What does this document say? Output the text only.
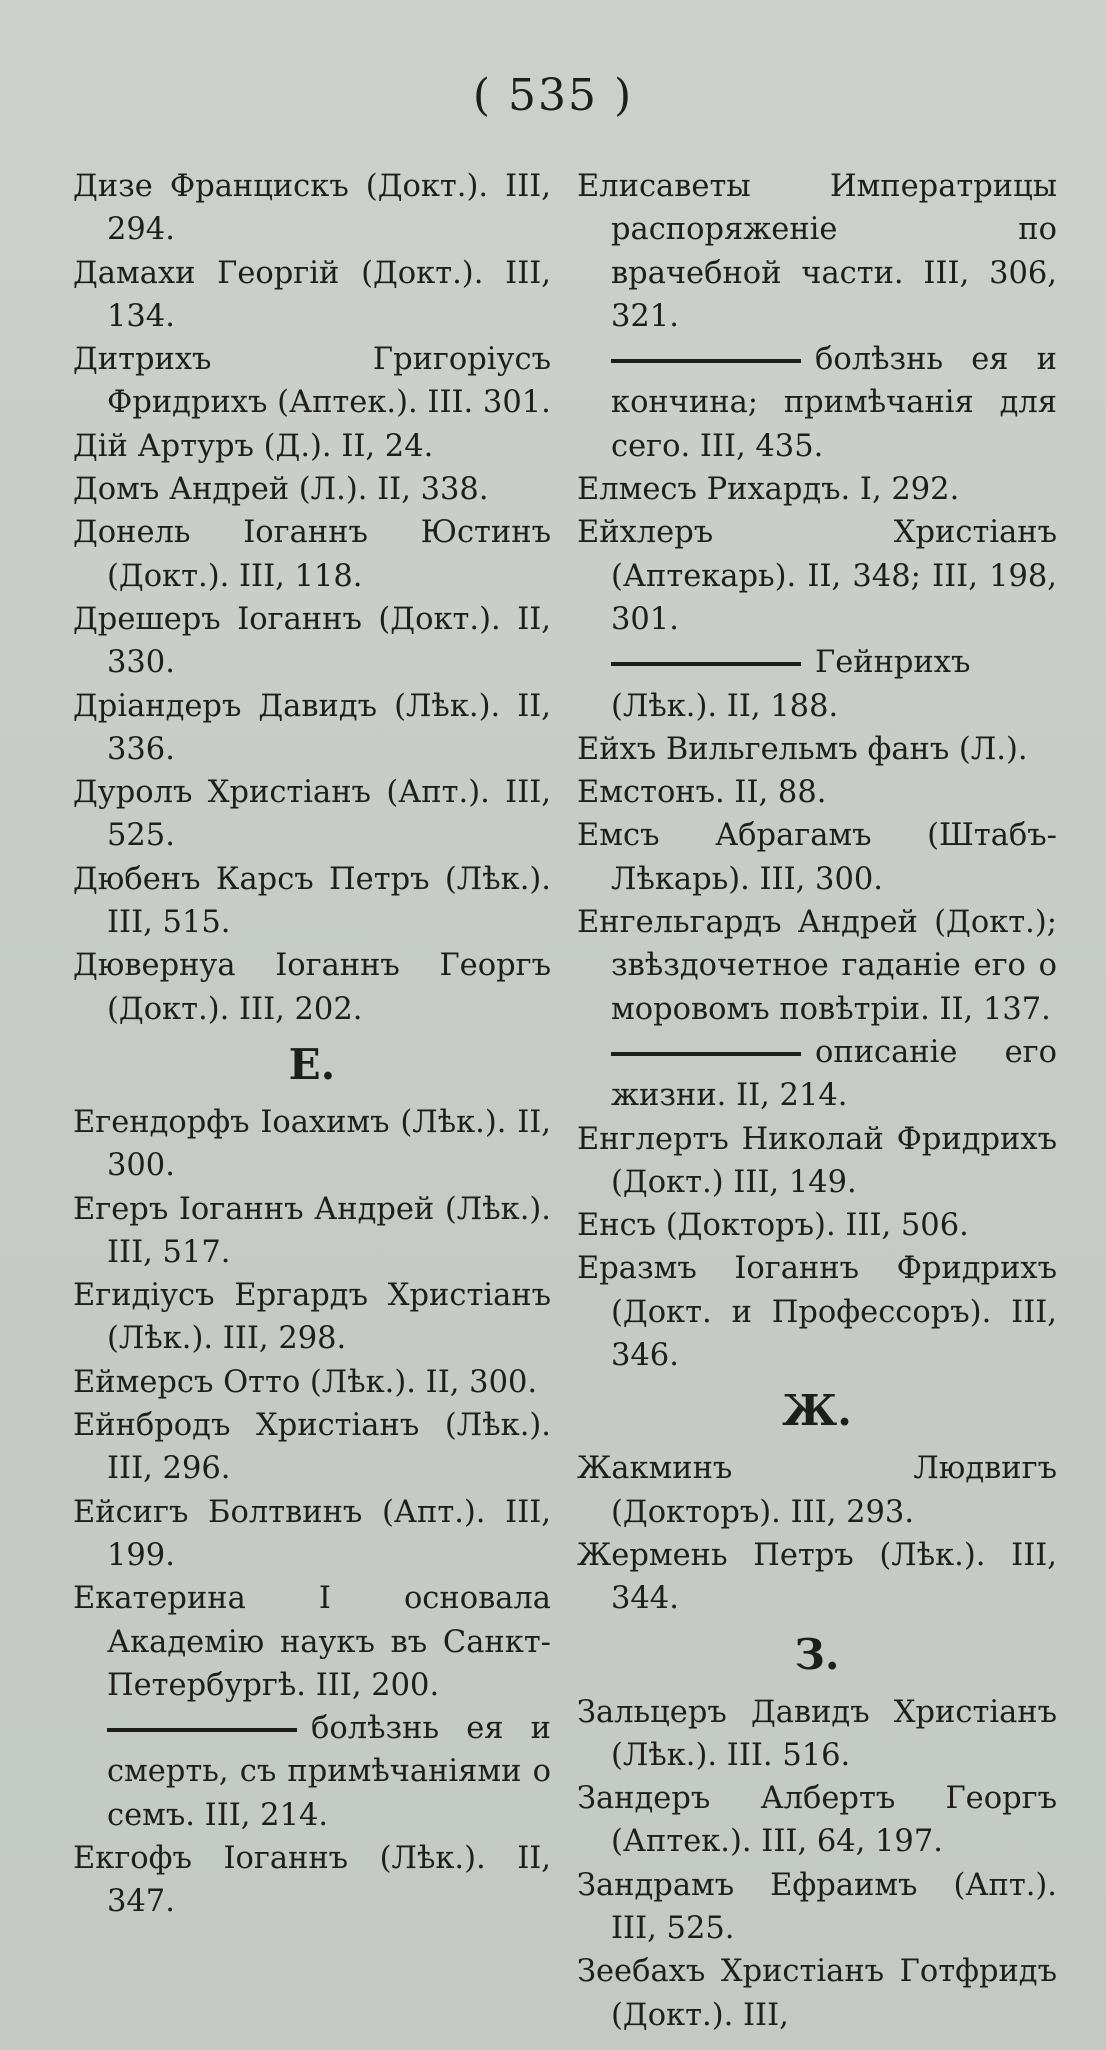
( 535 )

Дизе Францискъ (Докт.). III, 294.

Дамахи Георгій (Докт.). III, 134.

Дитрихъ Григоріусъ Фридрихъ (Аптек.). III. 301.

Дій Артуръ (Д.). II, 24.

Домъ Андрей (Л.). II, 338.

Донель Іоганнъ Юстинъ (Докт.). III, 118.

Дрешеръ Іоганнъ (Докт.). II, 330.

Дріандеръ Давидъ (Лѣк.). II, 336.

Дуролъ Христіанъ (Апт.). III, 525.

Дюбенъ Карсъ Петръ (Лѣк.). III, 515.

Дювернуа Іоганнъ Георгъ (Докт.). III, 202.

Е.

Егендорфъ Іоахимъ (Лѣк.). II, 300.

Егеръ Іоганнъ Андрей (Лѣк.). III, 517.

Егидіусъ Ергардъ Христіанъ (Лѣк.). III, 298.

Еймерсъ Отто (Лѣк.). II, 300.

Ейнбродъ Христіанъ (Лѣк.). III, 296.

Ейсигъ Болтвинъ (Апт.). III, 199.

Екатерина I основала Академію наукъ въ Санкт-Петербургѣ. III, 200.

болѣзнь ея и смерть, съ примѣчаніями о семъ. III, 214.

Екгофъ Іоганнъ (Лѣк.). II, 347.

Елисаветы Императрицы распоряженіе по врачебной части. III, 306, 321.

болѣзнь ея и кончина; примѣчанія для сего. III, 435.

Елмесъ Рихардъ. I, 292.

Ейхлеръ Христіанъ (Аптекарь). II, 348; III, 198, 301.

Гейнрихъ (Лѣк.). II, 188.

Ейхъ Вильгельмъ фанъ (Л.).

Емстонъ. II, 88.

Емсъ Абрагамъ (Штабъ-Лѣкарь). III, 300.

Енгельгардъ Андрей (Докт.); звѣздочетное гаданіе его о моровомъ повѣтріи. II, 137.

описаніе его жизни. II, 214.

Енглертъ Николай Фридрихъ (Докт.) III, 149.

Енсъ (Докторъ). III, 506.

Еразмъ Іоганнъ Фридрихъ (Докт. и Профессоръ). III, 346.

Ж.

Жакминъ Людвигъ (Докторъ). III, 293.

Жермень Петръ (Лѣк.). III, 344.

З.

Зальцеръ Давидъ Христіанъ (Лѣк.). III. 516.

Зандеръ Албертъ Георгъ (Аптек.). III, 64, 197.

Зандрамъ Ефраимъ (Апт.). III, 525.

Зеебахъ Христіанъ Готфридъ (Докт.). III,
